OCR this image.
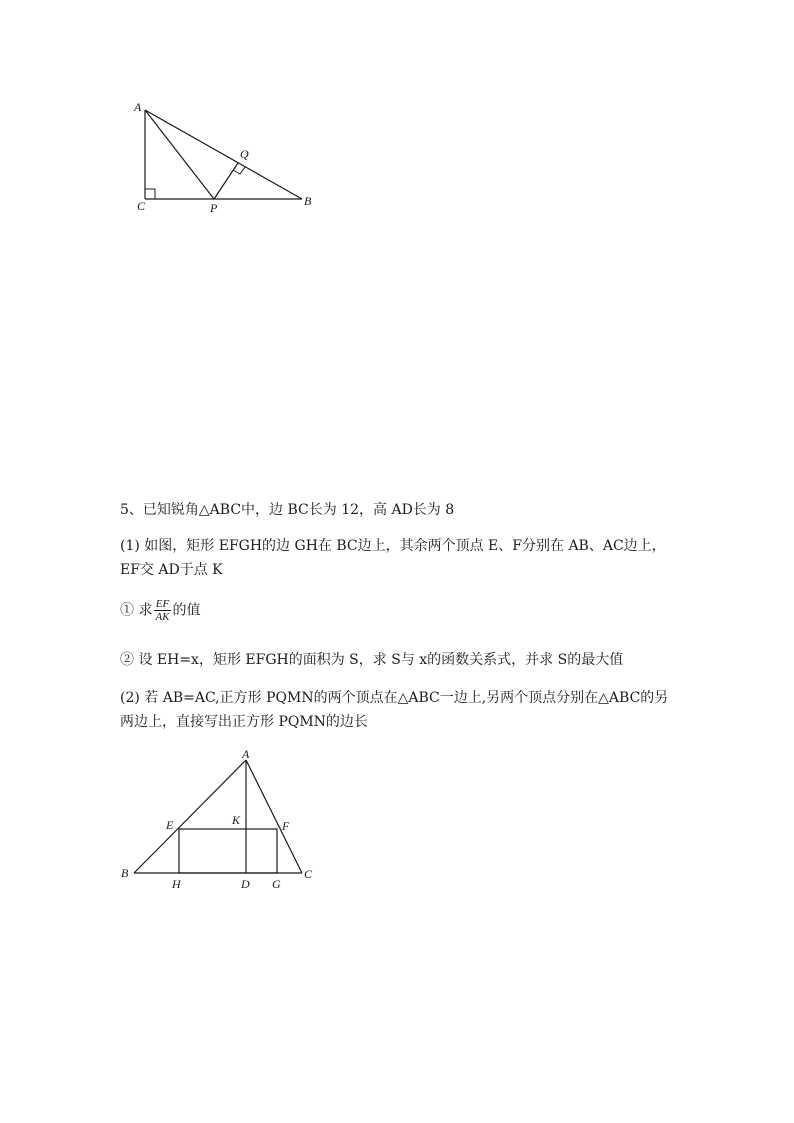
A
C	P	B
Q
5、已知锐角△ABC中，边 BC长为 12，高 AD长为 8
(1) 如图，矩形 EFGH的边 GH在 BC边上，其余两个顶点 E、F分别在 AB、AC边上，EF交 AD于点 K
① 求 $\frac{EF}{AK}$ 的值
② 设 EH=x，矩形 EFGH的面积为 S，求 S与 x的函数关系式，并求 S的最大值
(2) 若 AB=AC,正方形 PQMN的两个顶点在△ABC一边上,另两个顶点分别在△ABC的另两边上，直接写出正方形 PQMN的边长
A
B	C
D
E	F
G
H
K
